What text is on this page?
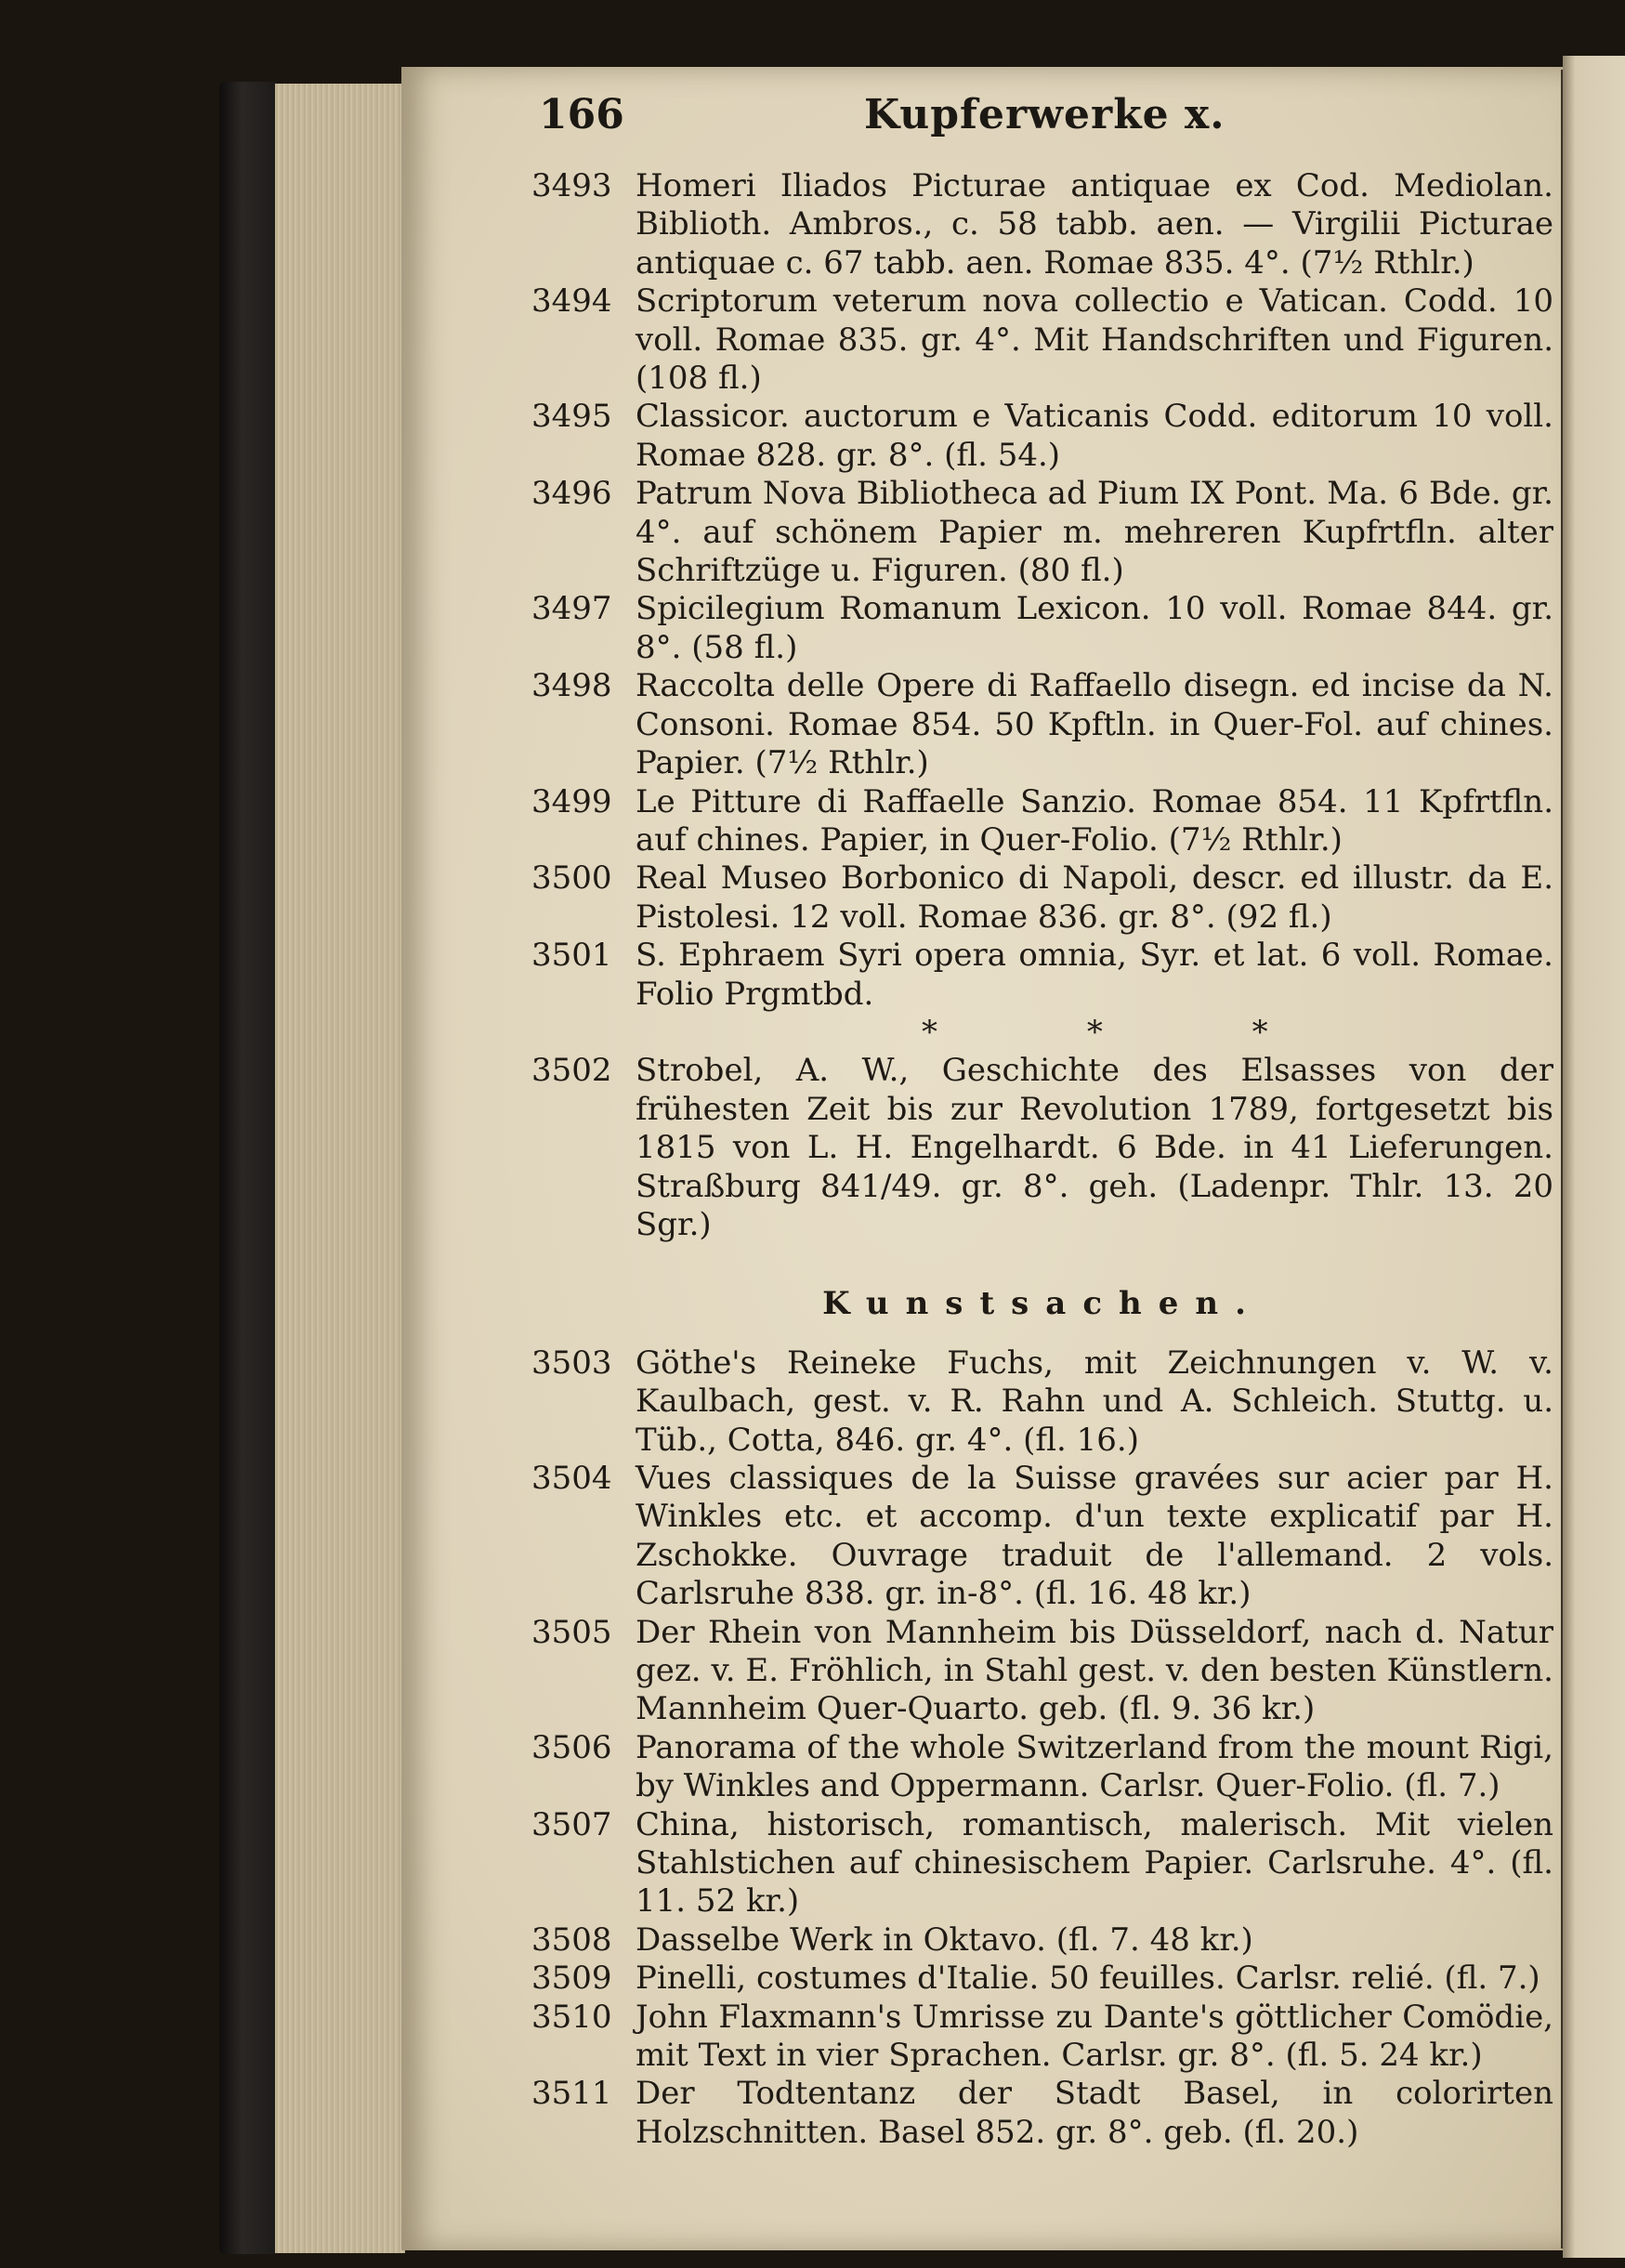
166	Kupferwerke x.
3493 Homeri Iliados Picturae antiquae ex Cod. Mediolan. Biblioth. Ambros., c. 58 tabb. aen. — Virgilii Picturae antiquae c. 67 tabb. aen. Romae 835. 4°. (7½ Rthlr.)
3494 Scriptorum veterum nova collectio e Vatican. Codd. 10 voll. Romae 835. gr. 4°. Mit Handschriften und Figuren. (108 fl.)
3495 Classicor. auctorum e Vaticanis Codd. editorum 10 voll. Romae 828. gr. 8°. (fl. 54.)
3496 Patrum Nova Bibliotheca ad Pium IX Pont. Ma. 6 Bde. gr. 4°. auf schönem Papier m. mehreren Kupfrtfln. alter Schriftzüge u. Figuren. (80 fl.)
3497 Spicilegium Romanum Lexicon. 10 voll. Romae 844. gr. 8°. (58 fl.)
3498 Raccolta delle Opere di Raffaello disegn. ed incise da N. Consoni. Romae 854. 50 Kpftln. in Quer-Fol. auf chines. Papier. (7½ Rthlr.)
3499 Le Pitture di Raffaelle Sanzio. Romae 854. 11 Kpfrtfln. auf chines. Papier, in Quer-Folio. (7½ Rthlr.)
3500 Real Museo Borbonico di Napoli, descr. ed illustr. da E. Pistolesi. 12 voll. Romae 836. gr. 8°. (92 fl.)
3501 S. Ephraem Syri opera omnia, Syr. et lat. 6 voll. Romae. Folio Prgmtbd.
*	*	*
3502 Strobel, A. W., Geschichte des Elsasses von der frühesten Zeit bis zur Revolution 1789, fortgesetzt bis 1815 von L. H. Engelhardt. 6 Bde. in 41 Lieferungen. Straßburg 841/49. gr. 8°. geh. (Ladenpr. Thlr. 13. 20 Sgr.)
Kunstsachen.
3503 Göthe's Reineke Fuchs, mit Zeichnungen v. W. v. Kaulbach, gest. v. R. Rahn und A. Schleich. Stuttg. u. Tüb., Cotta, 846. gr. 4°. (fl. 16.)
3504 Vues classiques de la Suisse gravées sur acier par H. Winkles etc. et accomp. d'un texte explicatif par H. Zschokke. Ouvrage traduit de l'allemand. 2 vols. Carlsruhe 838. gr. in-8°. (fl. 16. 48 kr.)
3505 Der Rhein von Mannheim bis Düsseldorf, nach d. Natur gez. v. E. Fröhlich, in Stahl gest. v. den besten Künstlern. Mannheim Quer-Quarto. geb. (fl. 9. 36 kr.)
3506 Panorama of the whole Switzerland from the mount Rigi, by Winkles and Oppermann. Carlsr. Quer-Folio. (fl. 7.)
3507 China, historisch, romantisch, malerisch. Mit vielen Stahlstichen auf chinesischem Papier. Carlsruhe. 4°. (fl. 11. 52 kr.)
3508 Dasselbe Werk in Oktavo. (fl. 7. 48 kr.)
3509 Pinelli, costumes d'Italie. 50 feuilles. Carlsr. relié. (fl. 7.)
3510 John Flaxmann's Umrisse zu Dante's göttlicher Comödie, mit Text in vier Sprachen. Carlsr. gr. 8°. (fl. 5. 24 kr.)
3511 Der Todtentanz der Stadt Basel, in colorirten Holzschnitten. Basel 852. gr. 8°. geb. (fl. 20.)
